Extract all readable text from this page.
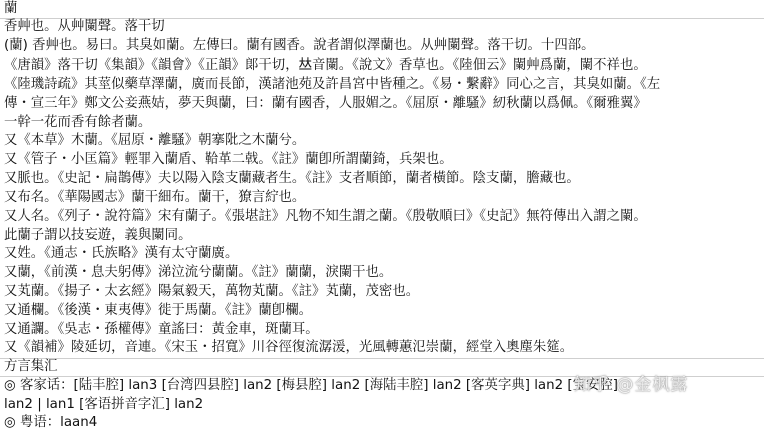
蘭
香艸也。从艸闌聲。落干切
(蘭) 香艸也。易曰。其臭如蘭。左傳曰。蘭有國香。說者謂似澤蘭也。从艸闌聲。落干切。十四部。
《唐韻》落干切《集韻》《韻會》《正韻》郞干切，𠀤音闌。《說文》香草也。《陸佃云》闌艸爲蘭，闌不祥也。
《陸璣詩疏》其莖似藥草澤蘭，廣而長節，漢諸池苑及許昌宮中皆種之。《易・繫辭》同心之言，其臭如蘭。《左
傳・宣三年》鄭文公妾燕姞，夢天與蘭，曰：蘭有國香，人服媚之。《屈原・離騷》紉秋蘭以爲佩。《爾雅翼》
一幹一花而香有餘者蘭。
又《本草》木蘭。《屈原・離騷》朝搴阰之木蘭兮。
又《管子・小匡篇》輕罪入蘭盾、鞈革二戟。《註》蘭卽所謂蘭錡，兵架也。
又脈也。《史記・扁鵲傳》夫以陽入陰支蘭藏者生。《註》支者順節，蘭者橫節。陰支蘭，膽藏也。
又布名。《華陽國志》蘭干細布。蘭干，獠言紵也。
又人名。《列子・說符篇》宋有蘭子。《張堪註》凡物不知生謂之蘭。《殷敬順曰》《史記》無符傳出入謂之闌。
此蘭子謂以技妄遊，義與闌同。
又姓。《通志・氏族略》漢有太守蘭廣。
又蘭，《前漢・息夫躬傳》涕泣流兮蘭蘭。《註》蘭蘭，淚闌干也。
又芄蘭。《揚子・太玄經》陽氣毅天，萬物芄蘭。《註》芄蘭，茂密也。
又通欄。《後漢・東夷傳》徙于馬蘭。《註》蘭卽欄。
又通讕。《吳志・孫權傳》童謠曰：黃金車，斑蘭耳。
又《韻補》陵延切，音連。《宋玉・招寬》川谷徑復流潺湲，光風轉蕙氾崇蘭，經堂入奧塵朱筵。
方言集汇
◎ 客家话：[陆丰腔] lan3 [台湾四县腔] lan2 [梅县腔] lan2 [海陆丰腔] lan2 [客英字典] lan2 [宝安腔]
lan2 | lan1 [客语拼音字汇] lan2
◎ 粤语：laan4
知乎 @金枫露
